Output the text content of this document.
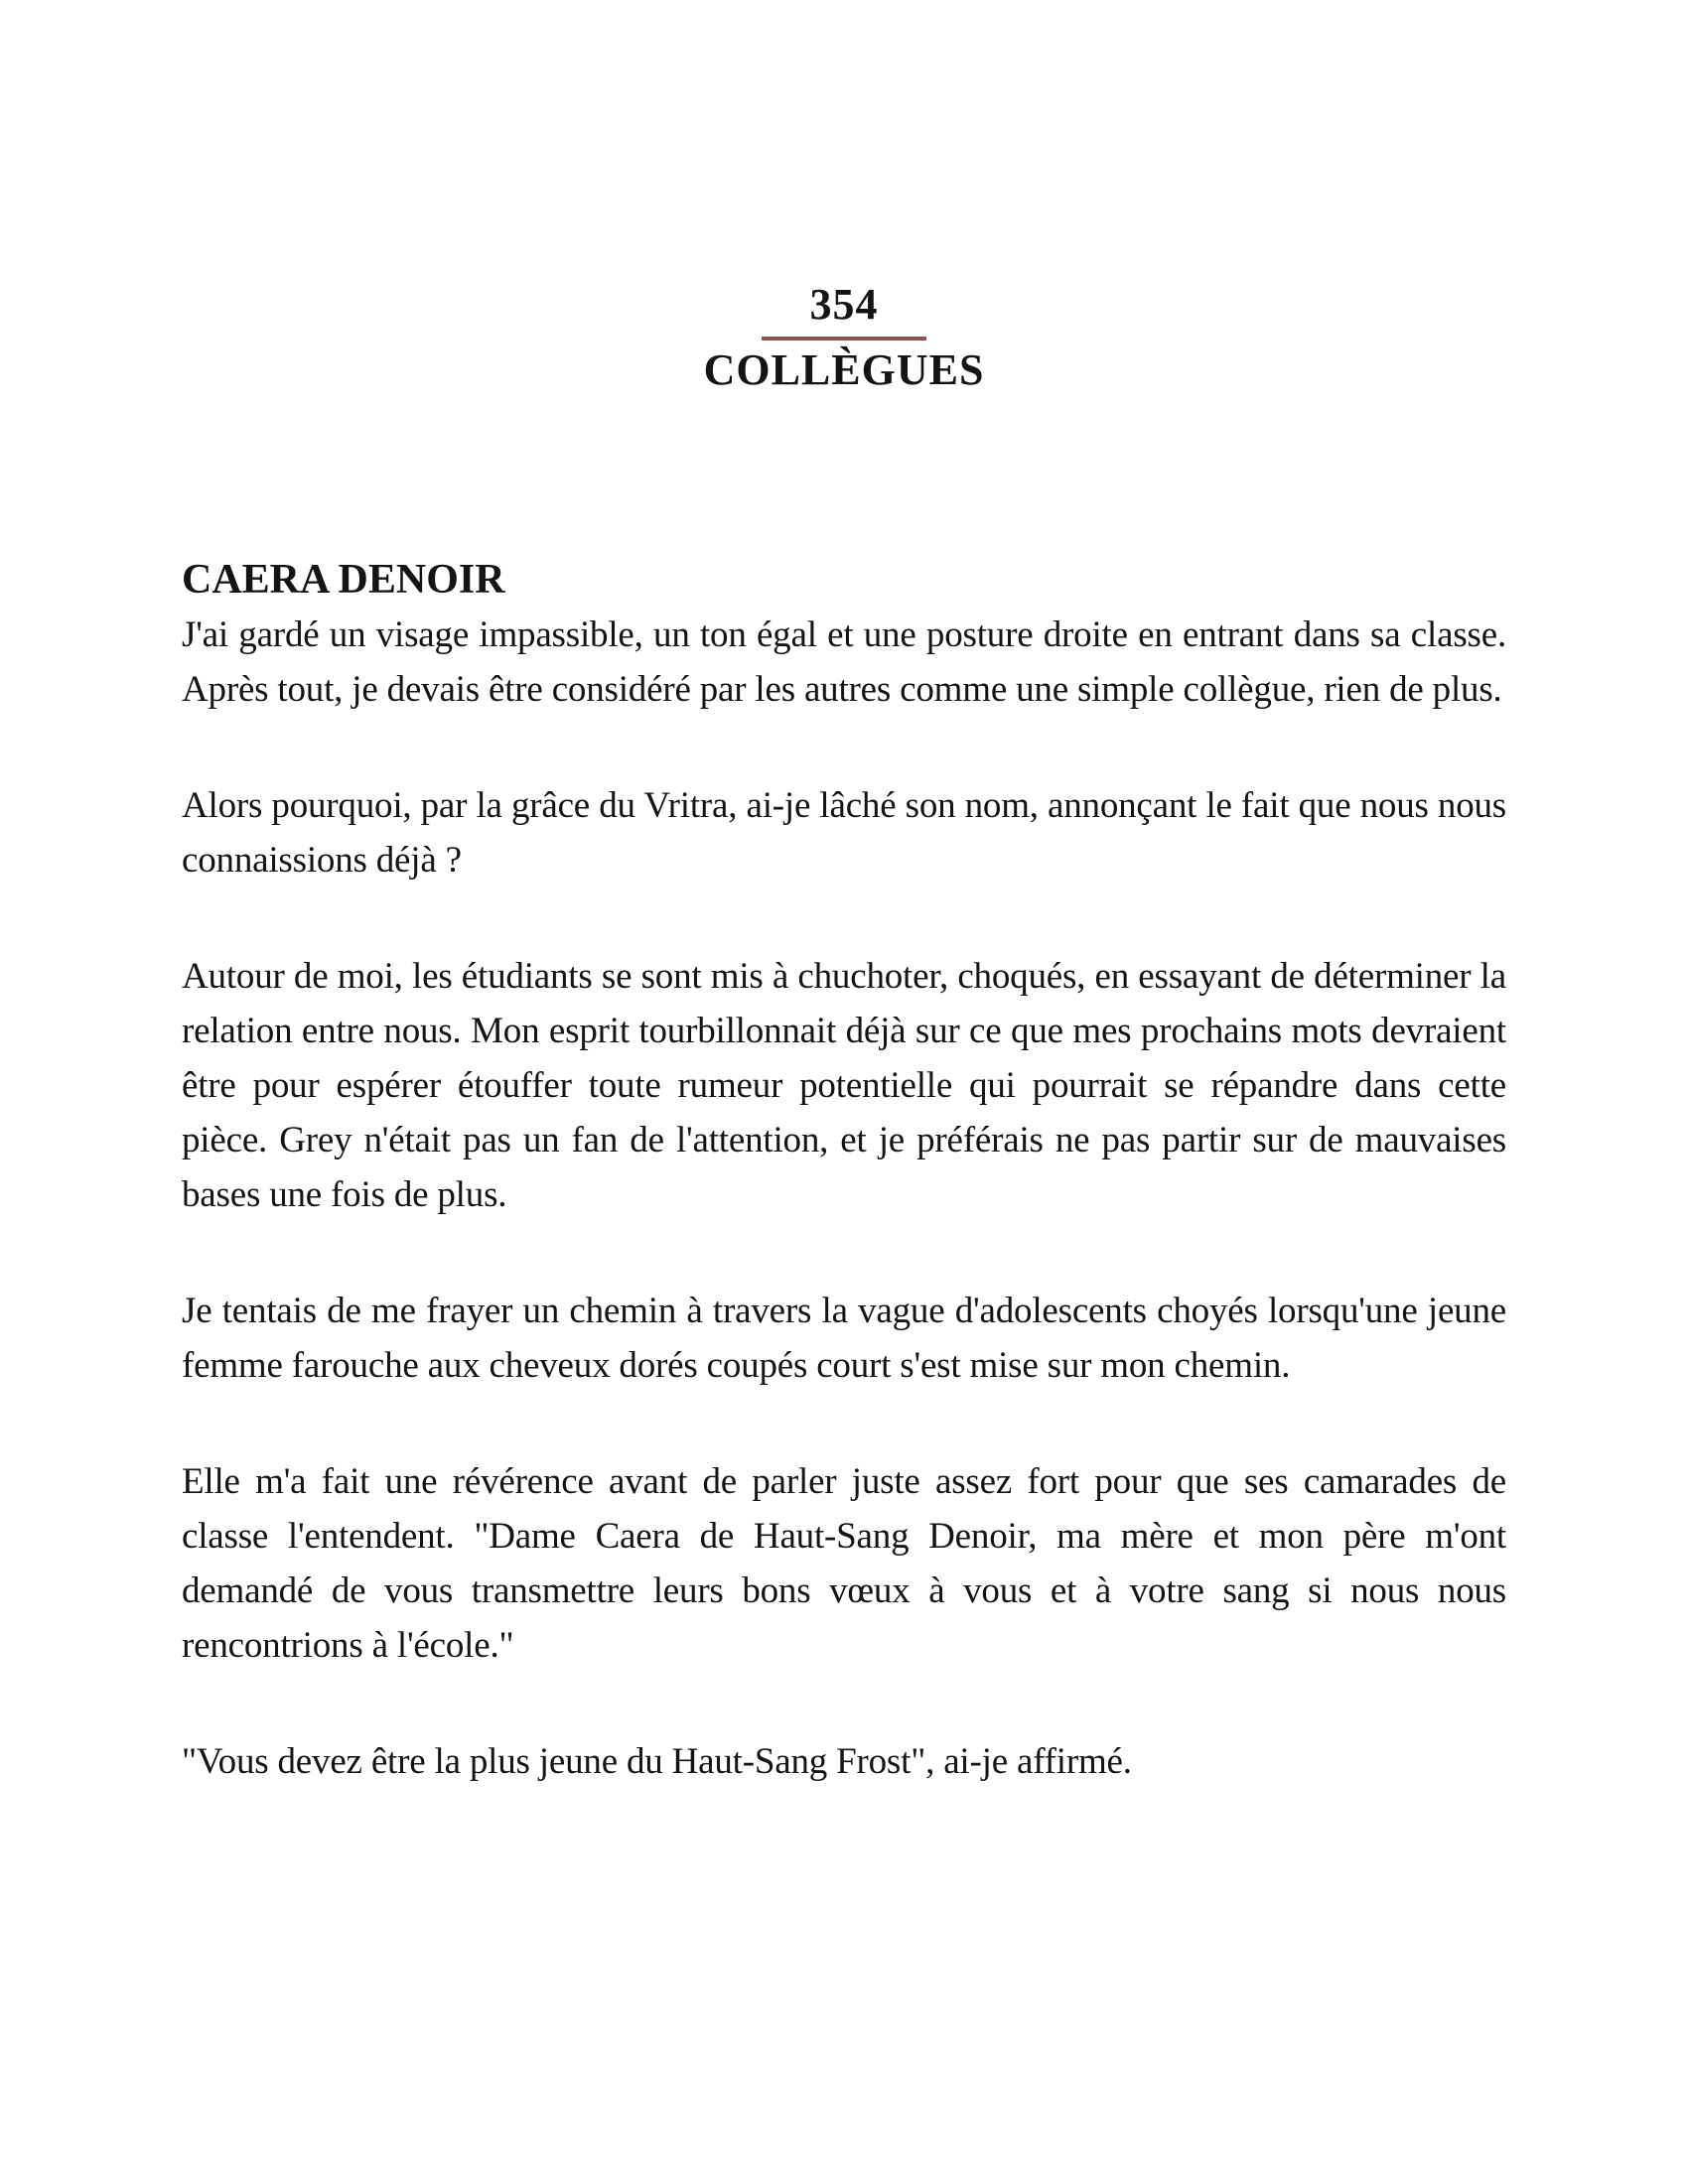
354
COLLÈGUES
CAERA DENOIR

J'ai gardé un visage impassible, un ton égal et une posture droite en entrant dans sa classe. Après tout, je devais être considéré par les autres comme une simple collègue, rien de plus.

Alors pourquoi, par la grâce du Vritra, ai-je lâché son nom, annonçant le fait que nous nous connaissions déjà ?

Autour de moi, les étudiants se sont mis à chuchoter, choqués, en essayant de déterminer la relation entre nous. Mon esprit tourbillonnait déjà sur ce que mes prochains mots devraient être pour espérer étouffer toute rumeur potentielle qui pourrait se répandre dans cette pièce. Grey n'était pas un fan de l'attention, et je préférais ne pas partir sur de mauvaises bases une fois de plus.

Je tentais de me frayer un chemin à travers la vague d'adolescents choyés lorsqu'une jeune femme farouche aux cheveux dorés coupés court s'est mise sur mon chemin.

Elle m'a fait une révérence avant de parler juste assez fort pour que ses camarades de classe l'entendent. "Dame Caera de Haut-Sang Denoir, ma mère et mon père m'ont demandé de vous transmettre leurs bons vœux à vous et à votre sang si nous nous rencontrions à l'école."

"Vous devez être la plus jeune du Haut-Sang Frost", ai-je affirmé.
